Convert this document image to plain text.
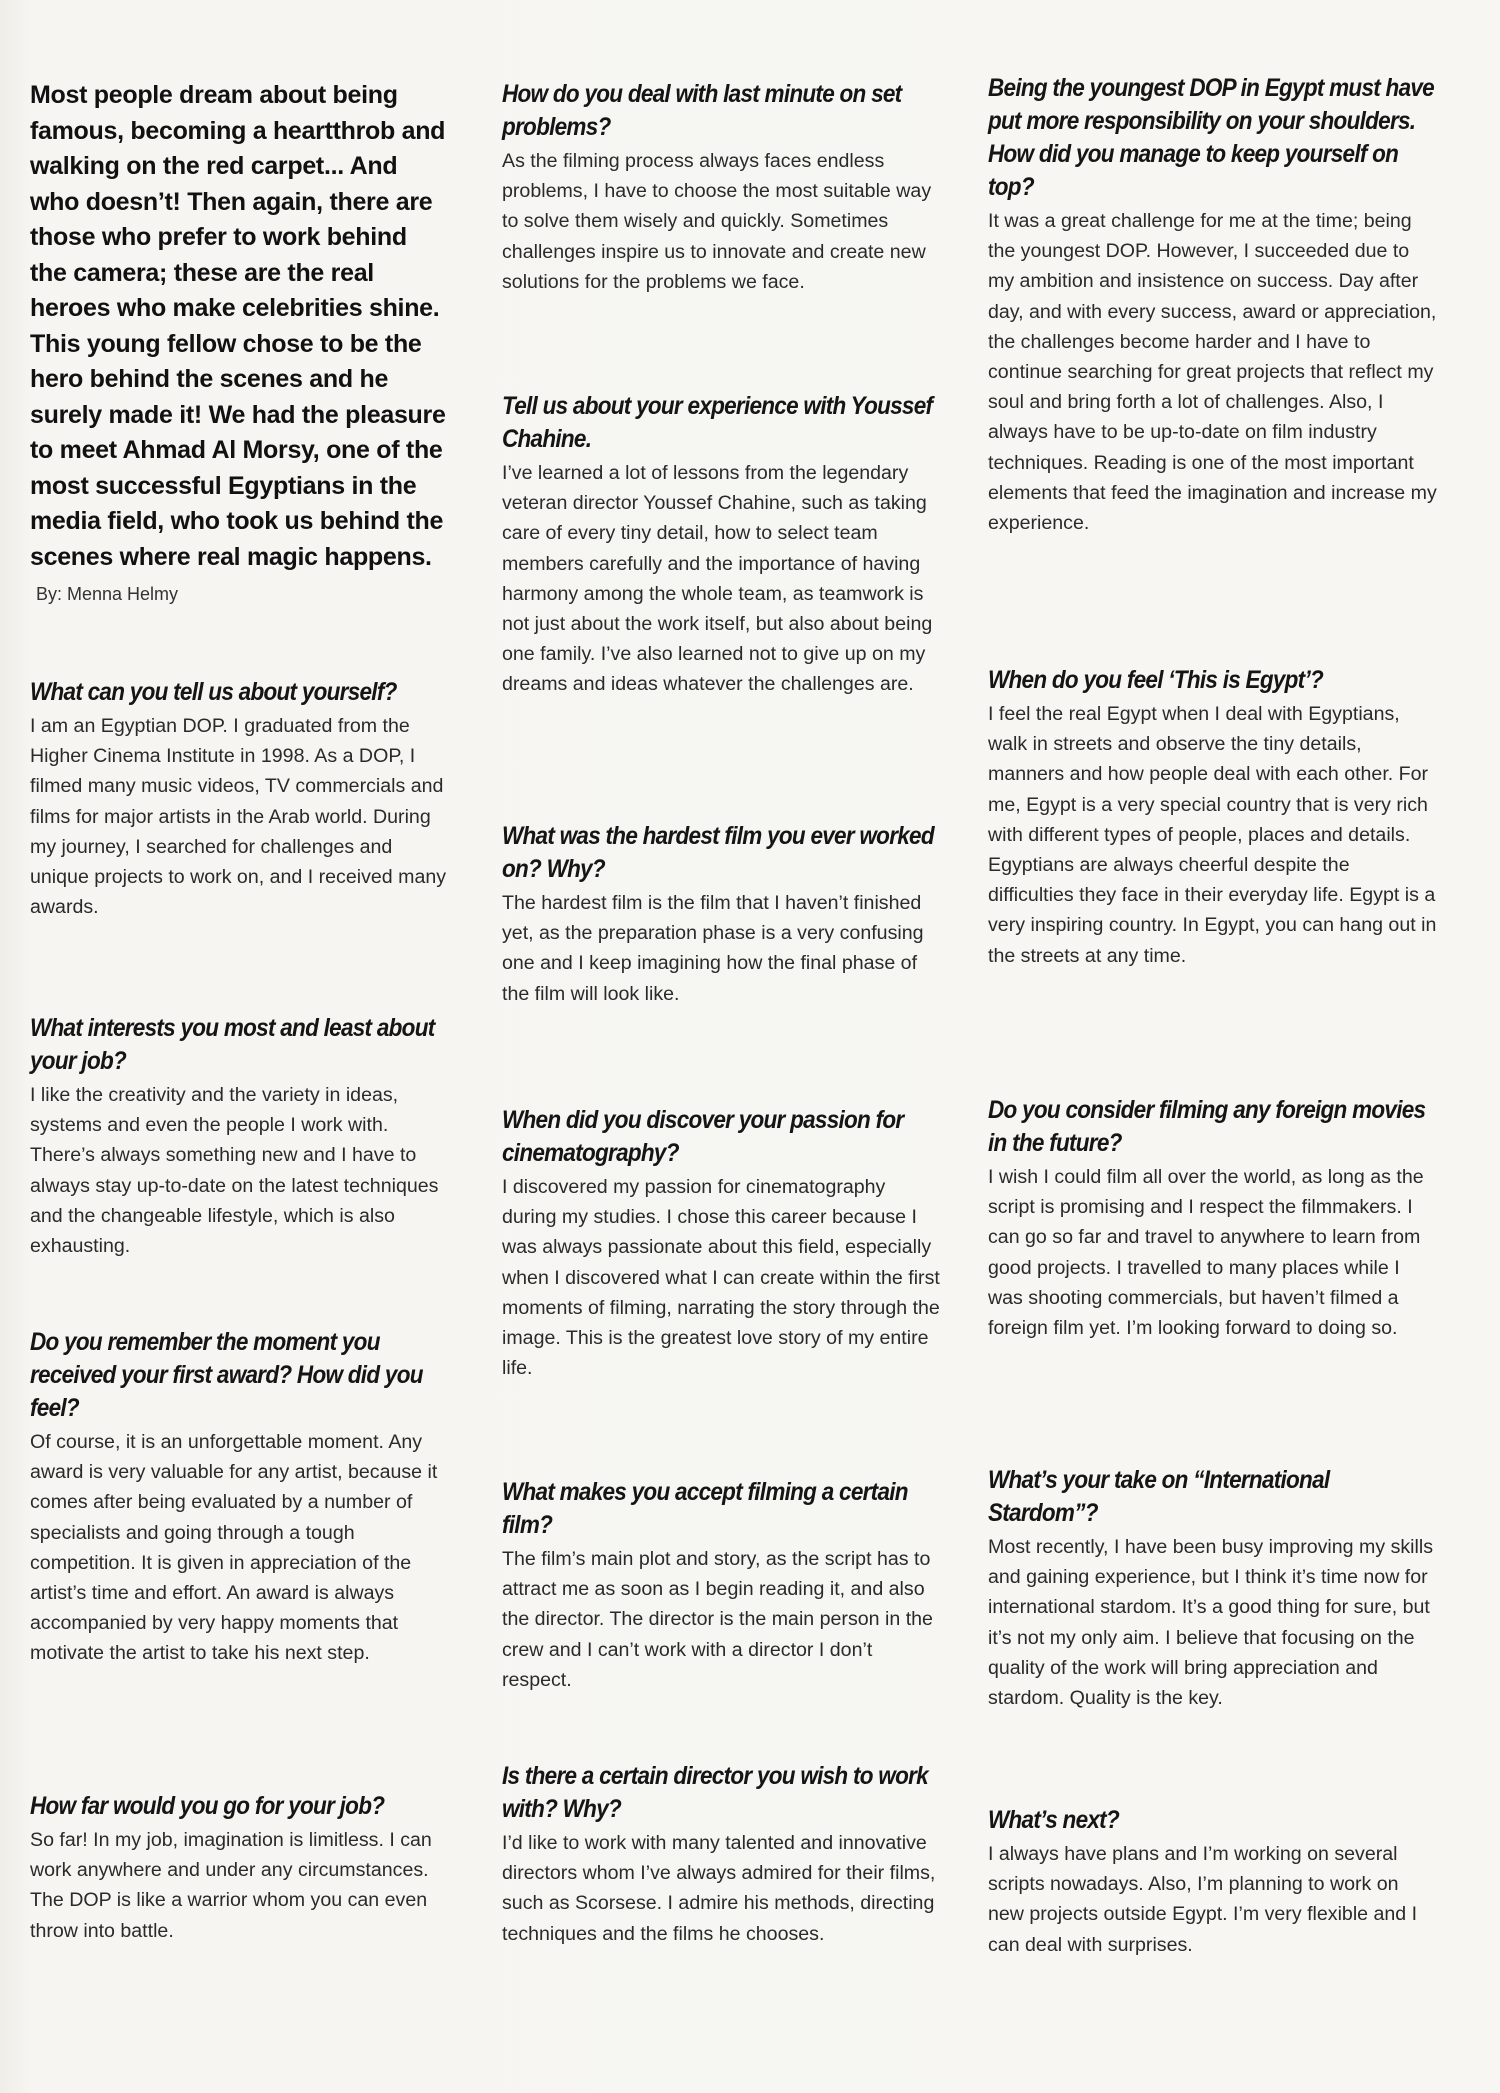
Most people dream about being famous, becoming a heartthrob and walking on the red carpet... And who doesn’t! Then again, there are those who prefer to work behind the camera; these are the real heroes who make celebrities shine. This young fellow chose to be the hero behind the scenes and he surely made it! We had the pleasure to meet Ahmad Al Morsy, one of the most successful Egyptians in the media field, who took us behind the scenes where real magic happens. By: Menna Helmy

What can you tell us about yourself?

I am an Egyptian DOP. I graduated from the Higher Cinema Institute in 1998. As a DOP, I filmed many music videos, TV commercials and films for major artists in the Arab world. During my journey, I searched for challenges and unique projects to work on, and I received many awards.

What interests you most and least about your job?

I like the creativity and the variety in ideas, systems and even the people I work with. There’s always something new and I have to always stay up-to-date on the latest techniques and the changeable lifestyle, which is also exhausting.

Do you remember the moment you received your first award? How did you feel?

Of course, it is an unforgettable moment. Any award is very valuable for any artist, because it comes after being evaluated by a number of specialists and going through a tough competition. It is given in appreciation of the artist’s time and effort. An award is always accompanied by very happy moments that motivate the artist to take his next step.

How far would you go for your job?

So far! In my job, imagination is limitless. I can work anywhere and under any circumstances. The DOP is like a warrior whom you can even throw into battle.

How do you deal with last minute on set problems?

As the filming process always faces endless problems, I have to choose the most suitable way to solve them wisely and quickly. Sometimes challenges inspire us to innovate and create new solutions for the problems we face.

Tell us about your experience with Youssef Chahine.

I’ve learned a lot of lessons from the legendary veteran director Youssef Chahine, such as taking care of every tiny detail, how to select team members carefully and the importance of having harmony among the whole team, as teamwork is not just about the work itself, but also about being one family. I’ve also learned not to give up on my dreams and ideas whatever the challenges are.

What was the hardest film you ever worked on? Why?

The hardest film is the film that I haven’t finished yet, as the preparation phase is a very confusing one and I keep imagining how the final phase of the film will look like.

When did you discover your passion for cinematography?

I discovered my passion for cinematography during my studies. I chose this career because I was always passionate about this field, especially when I discovered what I can create within the first moments of filming, narrating the story through the image. This is the greatest love story of my entire life.

What makes you accept filming a certain film?

The film’s main plot and story, as the script has to attract me as soon as I begin reading it, and also the director. The director is the main person in the crew and I can’t work with a director I don’t respect.

Is there a certain director you wish to work with? Why?

I’d like to work with many talented and innovative directors whom I’ve always admired for their films, such as Scorsese. I admire his methods, directing techniques and the films he chooses.

Being the youngest DOP in Egypt must have put more responsibility on your shoulders. How did you manage to keep yourself on top?

It was a great challenge for me at the time; being the youngest DOP. However, I succeeded due to my ambition and insistence on success. Day after day, and with every success, award or appreciation, the challenges become harder and I have to continue searching for great projects that reflect my soul and bring forth a lot of challenges. Also, I always have to be up-to-date on film industry techniques. Reading is one of the most important elements that feed the imagination and increase my experience.

When do you feel ‘This is Egypt’?

I feel the real Egypt when I deal with Egyptians, walk in streets and observe the tiny details, manners and how people deal with each other. For me, Egypt is a very special country that is very rich with different types of people, places and details. Egyptians are always cheerful despite the difficulties they face in their everyday life. Egypt is a very inspiring country. In Egypt, you can hang out in the streets at any time.

Do you consider filming any foreign movies in the future?

I wish I could film all over the world, as long as the script is promising and I respect the filmmakers. I can go so far and travel to anywhere to learn from good projects. I travelled to many places while I was shooting commercials, but haven’t filmed a foreign film yet. I’m looking forward to doing so.

What’s your take on “International Stardom”?

Most recently, I have been busy improving my skills and gaining experience, but I think it’s time now for international stardom. It’s a good thing for sure, but it’s not my only aim. I believe that focusing on the quality of the work will bring appreciation and stardom. Quality is the key.

What’s next?

I always have plans and I’m working on several scripts nowadays. Also, I’m planning to work on new projects outside Egypt. I’m very flexible and I can deal with surprises.
